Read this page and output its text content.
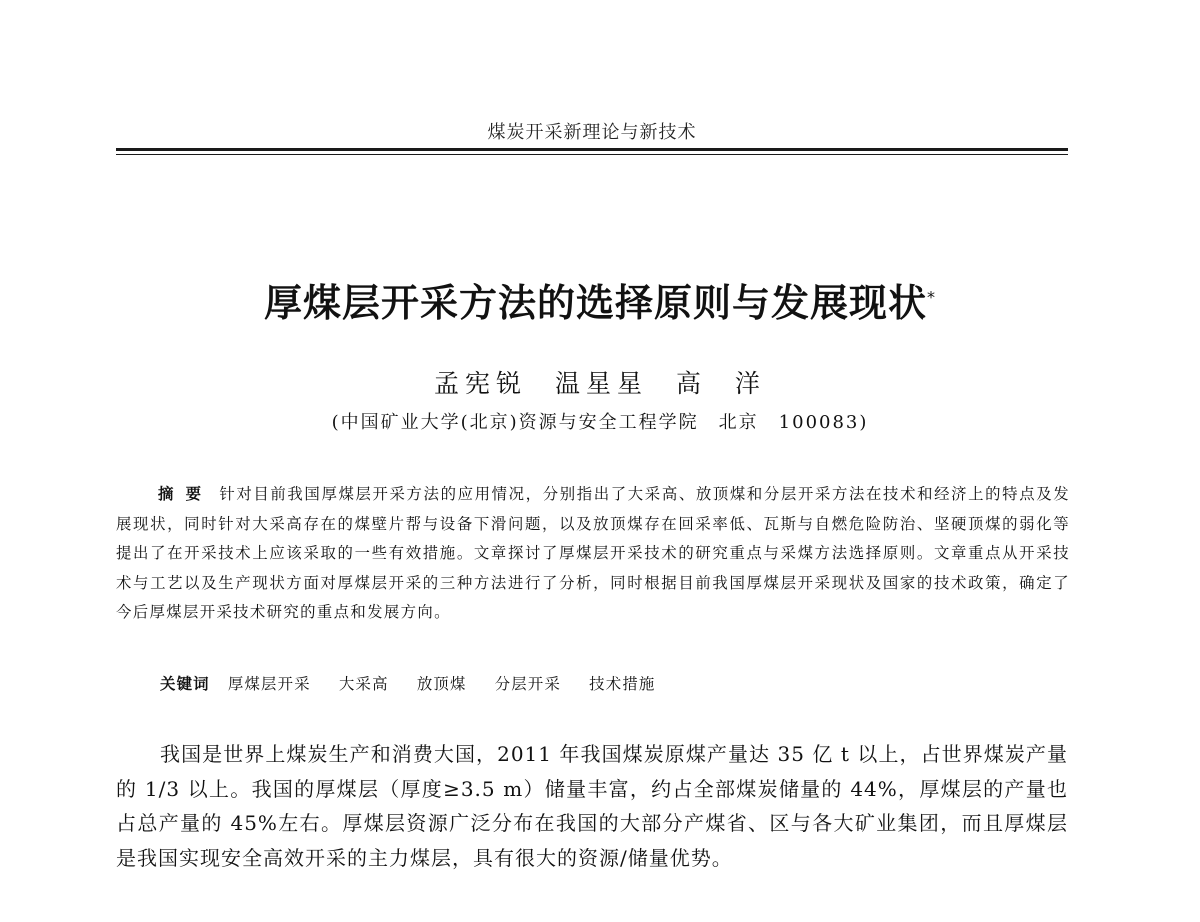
煤炭开采新理论与新技术
厚煤层开采方法的选择原则与发展现状*
孟宪锐 温星星 高 洋
(中国矿业大学(北京)资源与安全工程学院　北京　100083)
摘要 针对目前我国厚煤层开采方法的应用情况，分别指出了大采高、放顶煤和分层开采方法在技术和经济上的特点及发展现状，同时针对大采高存在的煤壁片帮与设备下滑问题，以及放顶煤存在回采率低、瓦斯与自燃危险防治、坚硬顶煤的弱化等提出了在开采技术上应该采取的一些有效措施。文章探讨了厚煤层开采技术的研究重点与采煤方法选择原则。文章重点从开采技术与工艺以及生产现状方面对厚煤层开采的三种方法进行了分析，同时根据目前我国厚煤层开采现状及国家的技术政策，确定了今后厚煤层开采技术研究的重点和发展方向。
关键词 厚煤层开采 大采高 放顶煤 分层开采 技术措施
我国是世界上煤炭生产和消费大国，2011 年我国煤炭原煤产量达 35 亿 t 以上，占世界煤炭产量的 1/3 以上。我国的厚煤层（厚度≥3.5 m）储量丰富，约占全部煤炭储量的 44%，厚煤层的产量也占总产量的 45%左右。厚煤层资源广泛分布在我国的大部分产煤省、区与各大矿业集团，而且厚煤层是我国实现安全高效开采的主力煤层，具有很大的资源/储量优势。
